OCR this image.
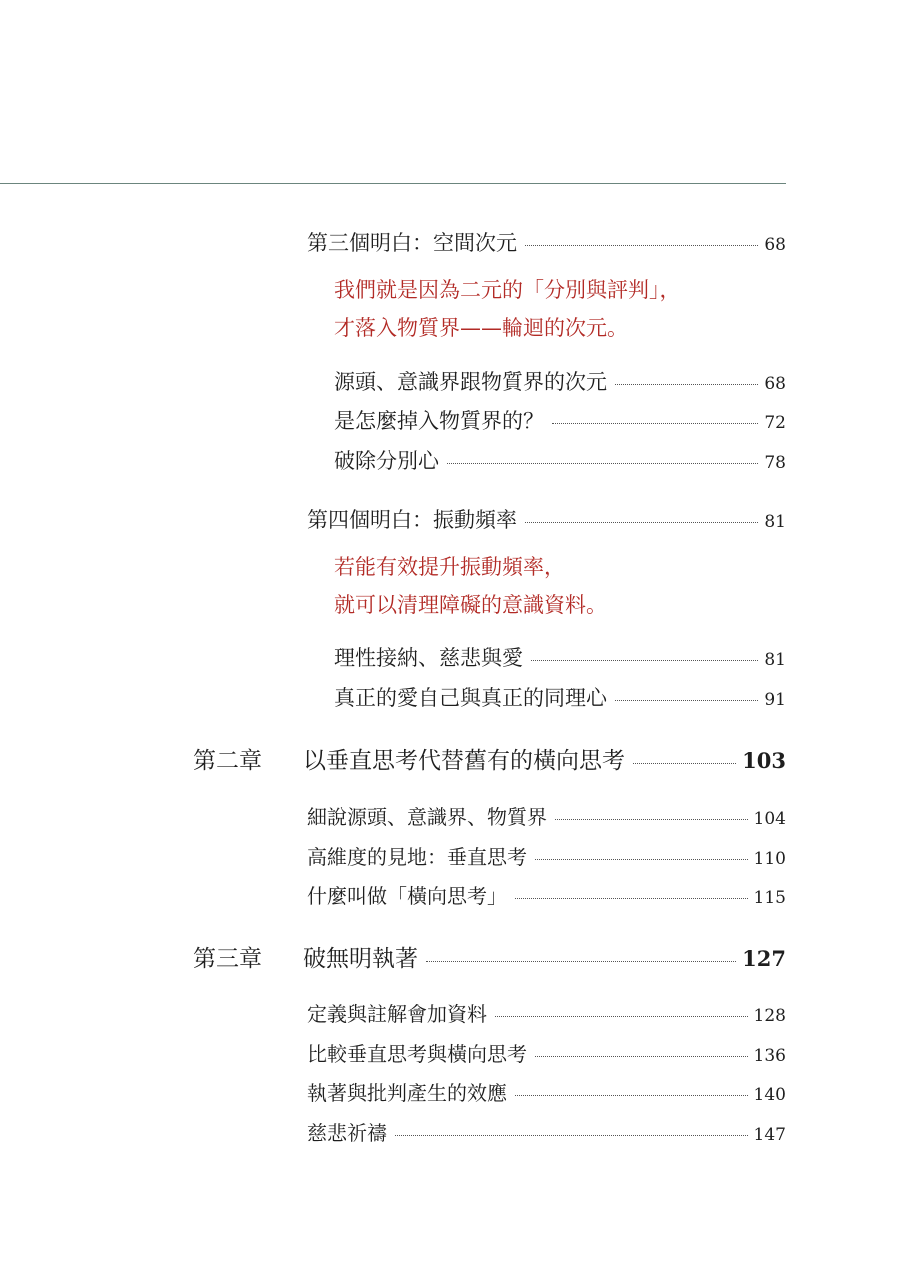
第三個明白：空間次元	68
我們就是因為二元的「分別與評判」，
才落入物質界——輪迴的次元。
源頭、意識界跟物質界的次元	68
是怎麼掉入物質界的？	72
破除分別心	78
第四個明白：振動頻率	81
若能有效提升振動頻率，
就可以清理障礙的意識資料。
理性接納、慈悲與愛	81
真正的愛自己與真正的同理心	91
第二章	以垂直思考代替舊有的橫向思考	103
細說源頭、意識界、物質界	104
高維度的見地：垂直思考	110
什麼叫做「橫向思考」	115
第三章	破無明執著	127
定義與註解會加資料	128
比較垂直思考與橫向思考	136
執著與批判產生的效應	140
慈悲祈禱	147
